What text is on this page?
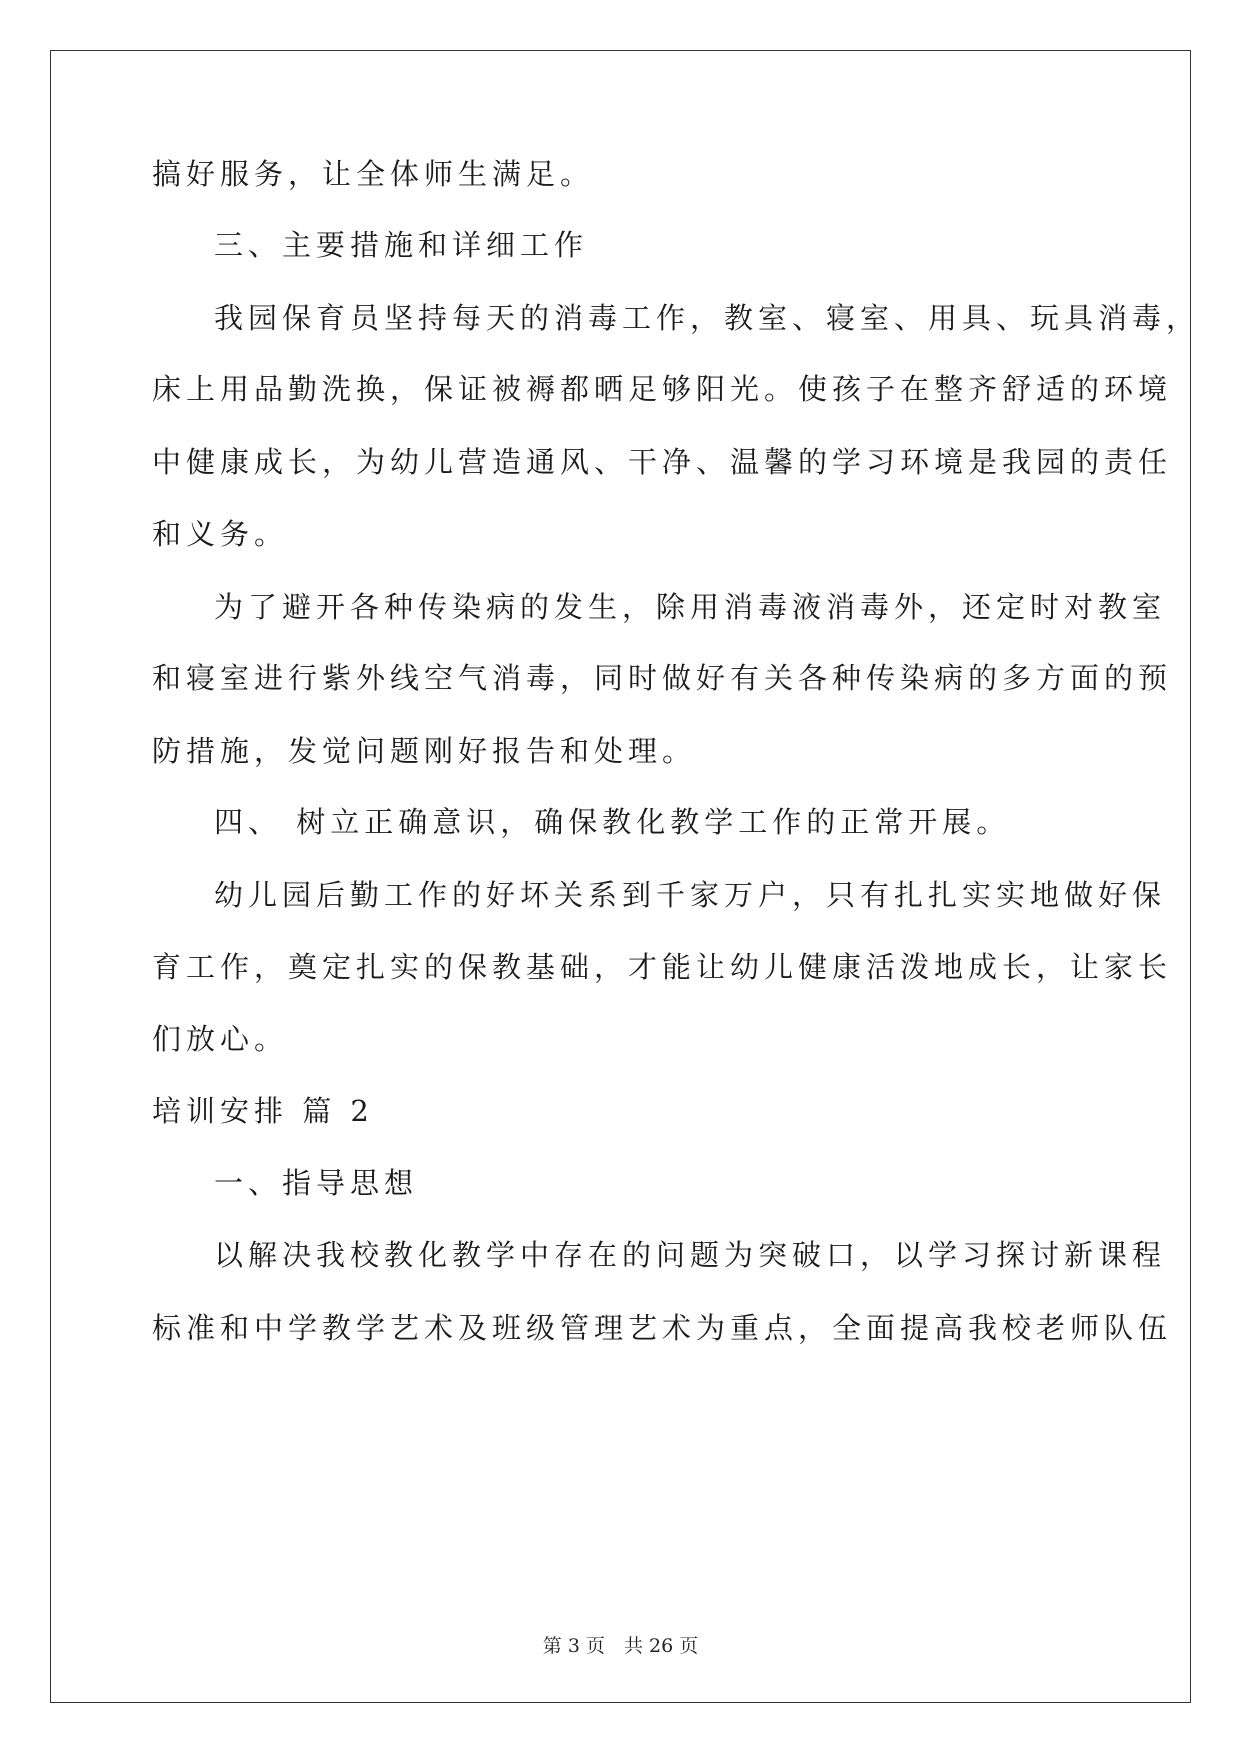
搞好服务，让全体师生满足。
三、主要措施和详细工作
我园保育员坚持每天的消毒工作，教室、寝室、用具、玩具消毒，
床上用品勤洗换，保证被褥都晒足够阳光。使孩子在整齐舒适的环境
中健康成长，为幼儿营造通风、干净、温馨的学习环境是我园的责任
和义务。
为了避开各种传染病的发生，除用消毒液消毒外，还定时对教室
和寝室进行紫外线空气消毒，同时做好有关各种传染病的多方面的预
防措施，发觉问题刚好报告和处理。
四、 树立正确意识，确保教化教学工作的正常开展。
幼儿园后勤工作的好坏关系到千家万户，只有扎扎实实地做好保
育工作，奠定扎实的保教基础，才能让幼儿健康活泼地成长，让家长
们放心。
培训安排 篇 2
一、指导思想
以解决我校教化教学中存在的问题为突破口，以学习探讨新课程
标准和中学教学艺术及班级管理艺术为重点，全面提高我校老师队伍
第 3 页　共 26 页
